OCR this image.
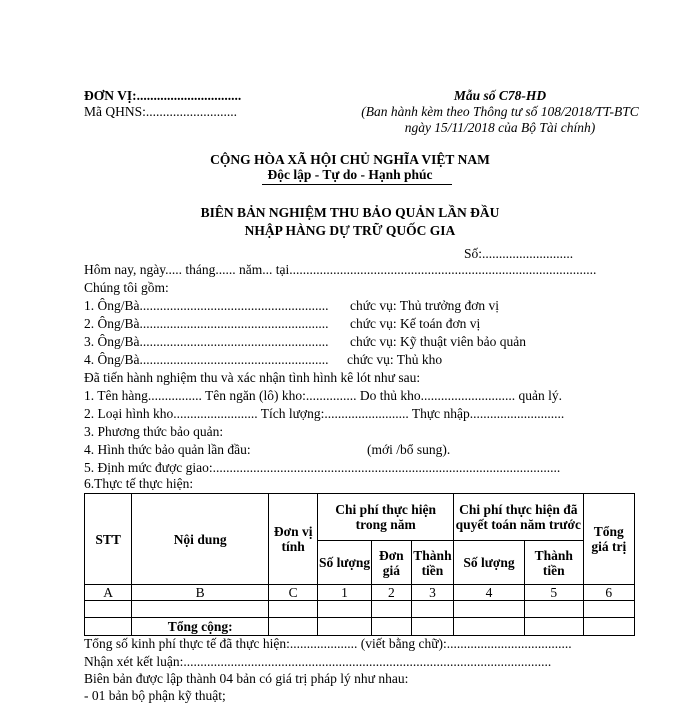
ĐƠN VỊ:...............................
Mã QHNS:...........................
Mẫu số C78-HD
(Ban hành kèm theo Thông tư số 108/2018/TT-BTC
ngày 15/11/2018 của Bộ Tài chính)
CỘNG HÒA XÃ HỘI CHỦ NGHĨA VIỆT NAM
Độc lập - Tự do - Hạnh phúc
BIÊN BẢN NGHIỆM THU BẢO QUẢN LẦN ĐẦU
NHẬP HÀNG DỰ TRỮ QUỐC GIA
Số:...........................
Hôm nay, ngày..... tháng...... năm... tại...........................................................................................
Chúng tôi gồm:
1. Ông/Bà........................................................ chức vụ: Thủ trưởng đơn vị
2. Ông/Bà........................................................ chức vụ: Kế toán đơn vị
3. Ông/Bà........................................................ chức vụ: Kỹ thuật viên bảo quản
4. Ông/Bà........................................................ chức vụ: Thủ kho
Đã tiến hành nghiệm thu và xác nhận tình hình kê lót như sau:
1. Tên hàng................ Tên ngăn (lô) kho:............... Do thủ kho............................ quản lý.
2. Loại hình kho......................... Tích lượng:......................... Thực nhập............................
3. Phương thức bảo quản:
4. Hình thức bảo quản lần đầu:	(mới /bổ sung).
5. Định mức được giao:.......................................................................................................
6.Thực tế thực hiện:
STT	Nội dung	Đơn vị tính	Chi phí thực hiện trong năm			Chi phí thực hiện đã quyết toán năm trước		Tổng giá trị
			Số lượng	Đơn giá	Thành tiền	Số lượng	Thành tiền	
A	B	C	1	2	3	4	5	6

	Tổng cộng:							
Tổng số kinh phí thực tế đã thực hiện:.................... (viết bằng chữ):.....................................
Nhận xét kết luận:.............................................................................................................
Biên bản được lập thành 04 bản có giá trị pháp lý như nhau:
- 01 bản bộ phận kỹ thuật;
